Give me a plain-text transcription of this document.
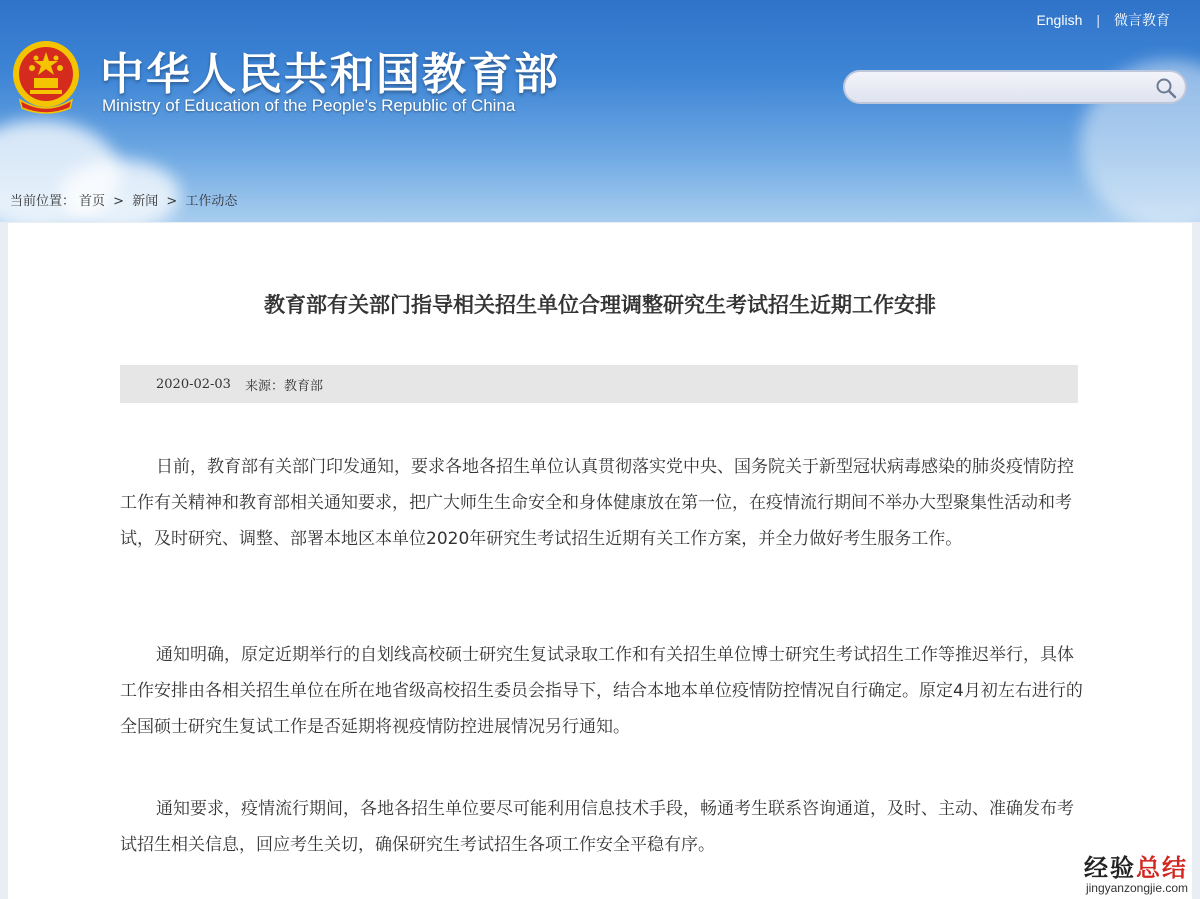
中华人民共和国教育部
Ministry of Education of the People's Republic of China
English | 微言教育
当前位置： 首页 > 新闻 > 工作动态
教育部有关部门指导相关招生单位合理调整研究生考试招生近期工作安排
2020-02-03 来源：教育部

日前，教育部有关部门印发通知，要求各地各招生单位认真贯彻落实党中央、国务院关于新型冠状病毒感染的肺炎疫情防控工作有关精神和教育部相关通知要求，把广大师生生命安全和身体健康放在第一位，在疫情流行期间不举办大型聚集性活动和考试，及时研究、调整、部署本地区本单位2020年研究生考试招生近期有关工作方案，并全力做好考生服务工作。

通知明确，原定近期举行的自划线高校硕士研究生复试录取工作和有关招生单位博士研究生考试招生工作等推迟举行，具体工作安排由各相关招生单位在所在地省级高校招生委员会指导下，结合本地本单位疫情防控情况自行确定。原定4月初左右进行的全国硕士研究生复试工作是否延期将视疫情防控进展情况另行通知。

通知要求，疫情流行期间，各地各招生单位要尽可能利用信息技术手段，畅通考生联系咨询通道，及时、主动、准确发布考试招生相关信息，回应考生关切，确保研究生考试招生各项工作安全平稳有序。

经验总结
jingyanzongjie.com
